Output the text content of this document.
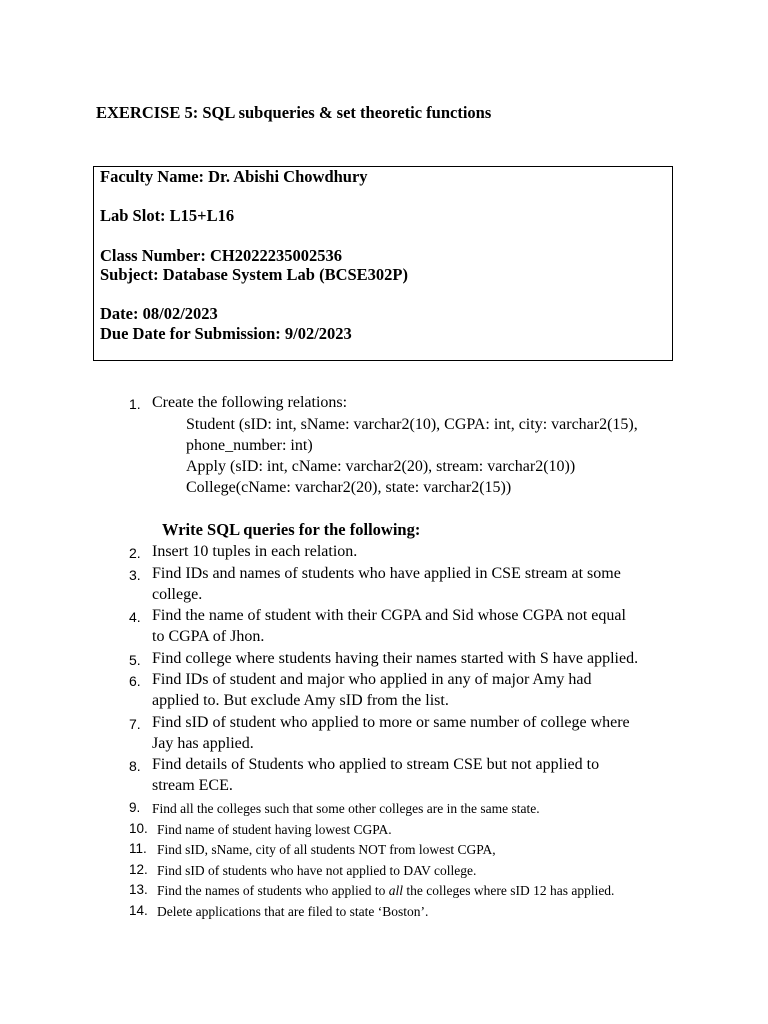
EXERCISE 5: SQL subqueries & set theoretic functions
Faculty Name: Dr. Abishi Chowdhury
Lab Slot: L15+L16
Class Number: CH2022235002536
Subject: Database System Lab (BCSE302P)
Date: 08/02/2023
Due Date for Submission: 9/02/2023
1. Create the following relations:
Student (sID: int, sName: varchar2(10), CGPA: int, city: varchar2(15),
phone_number: int)
Apply (sID: int, cName: varchar2(20), stream: varchar2(10))
College(cName: varchar2(20), state: varchar2(15))
Write SQL queries for the following:
2. Insert 10 tuples in each relation.
3. Find IDs and names of students who have applied in CSE stream at some
college.
4. Find the name of student with their CGPA and Sid whose CGPA not equal
to CGPA of Jhon.
5. Find college where students having their names started with S have applied.
6. Find IDs of student and major who applied in any of major Amy had
applied to. But exclude Amy sID from the list.
7. Find sID of student who applied to more or same number of college where
Jay has applied.
8. Find details of Students who applied to stream CSE but not applied to
stream ECE.
9. Find all the colleges such that some other colleges are in the same state.
10. Find name of student having lowest CGPA.
11. Find sID, sName, city of all students NOT from lowest CGPA,
12. Find sID of students who have not applied to DAV college.
13. Find the names of students who applied to all the colleges where sID 12 has applied.
14. Delete applications that are filed to state ‘Boston’.
